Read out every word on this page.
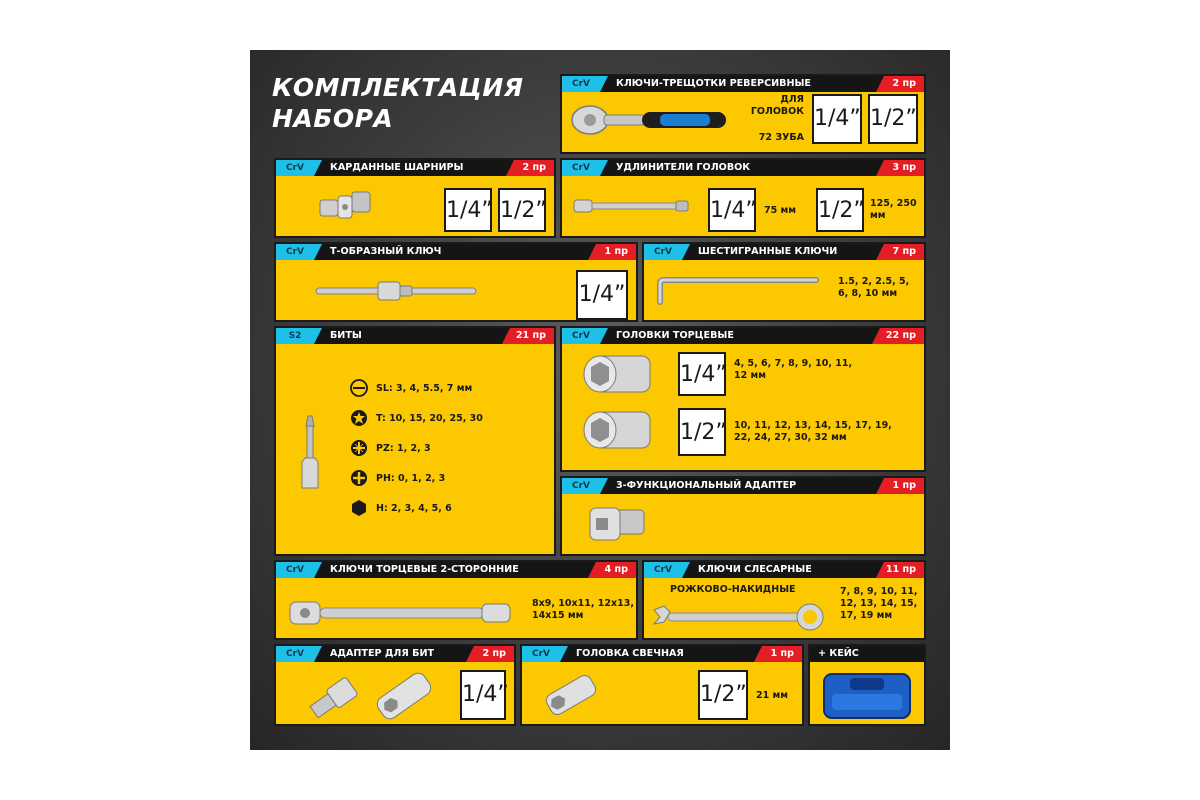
КОМПЛЕКТАЦИЯ
НАБОРА
CrV	КЛЮЧИ-ТРЕЩОТКИ РЕВЕРСИВНЫЕ	2 пр
ДЛЯ ГОЛОВОК
72 ЗУБА
1/4” 1/2”
CrV	КАРДАННЫЕ ШАРНИРЫ	2 пр
1/4” 1/2”
CrV	УДЛИНИТЕЛИ ГОЛОВОК	3 пр
1/4” 75 мм 1/2” 125, 250 мм
CrV	Т-ОБРАЗНЫЙ КЛЮЧ	1 пр
1/4”
CrV	ШЕСТИГРАННЫЕ КЛЮЧИ	7 пр
1.5, 2, 2.5, 5, 6, 8, 10 мм
S2	БИТЫ	21 пр
SL: 3, 4, 5.5, 7 мм
T: 10, 15, 20, 25, 30
PZ: 1, 2, 3
PH: 0, 1, 2, 3
H: 2, 3, 4, 5, 6
CrV	ГОЛОВКИ ТОРЦЕВЫЕ	22 пр
1/4” 4, 5, 6, 7, 8, 9, 10, 11, 12 мм
1/2” 10, 11, 12, 13, 14, 15, 17, 19, 22, 24, 27, 30, 32 мм
CrV	3-ФУНКЦИОНАЛЬНЫЙ АДАПТЕР	1 пр
CrV	КЛЮЧИ ТОРЦЕВЫЕ 2-СТОРОННИЕ	4 пр
8x9, 10x11, 12x13, 14x15 мм
CrV	КЛЮЧИ СЛЕСАРНЫЕ	11 пр
РОЖКОВО-НАКИДНЫЕ	7, 8, 9, 10, 11, 12, 13, 14, 15, 17, 19 мм
CrV	АДАПТЕР ДЛЯ БИТ	2 пр
1/4”
CrV	ГОЛОВКА СВЕЧНАЯ	1 пр
1/2” 21 мм
+ КЕЙС
